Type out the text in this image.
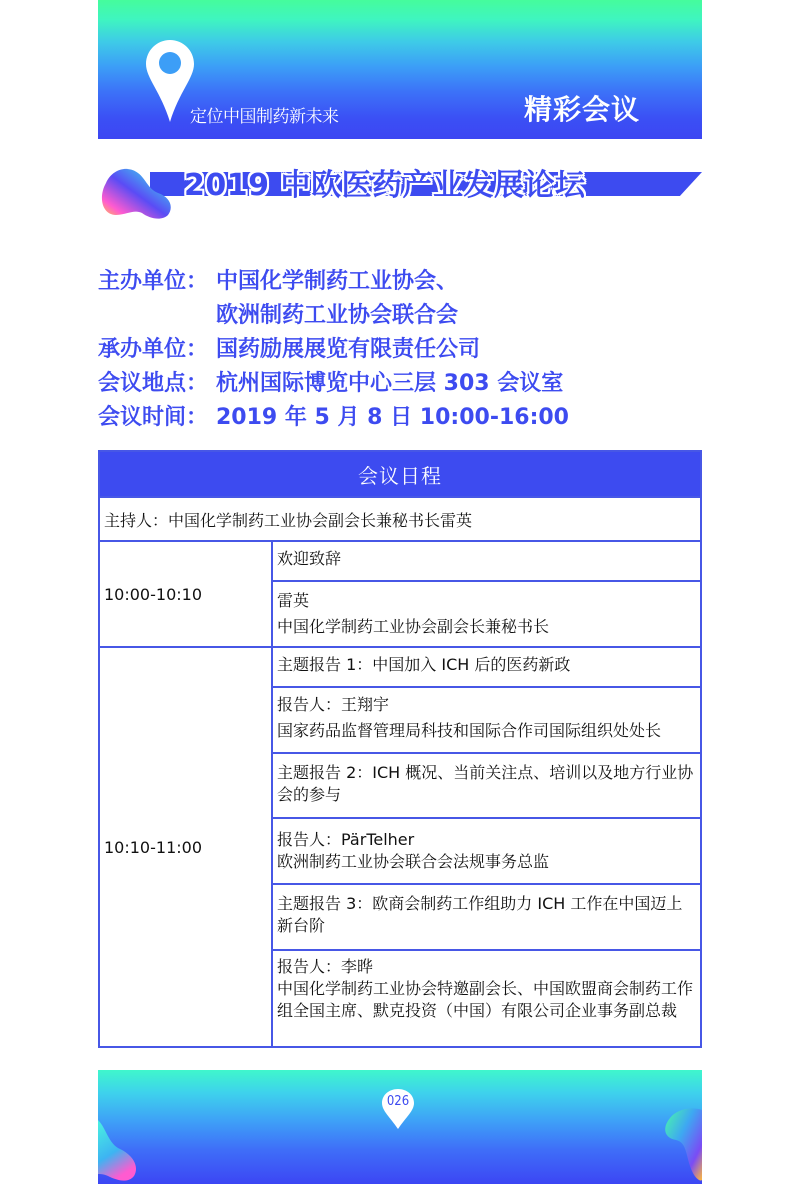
定位中国制药新未来	精彩会议
2019 中欧医药产业发展论坛
主办单位： 中国化学制药工业协会、
欧洲制药工业协会联合会
承办单位： 国药励展展览有限责任公司
会议地点： 杭州国际博览中心三层 303 会议室
会议时间： 2019 年 5 月 8 日 10:00-16:00
会议日程
主持人：中国化学制药工业协会副会长兼秘书长雷英
10:00-10:10
欢迎致辞
雷英
中国化学制药工业协会副会长兼秘书长
10:10-11:00
主题报告 1：中国加入 ICH 后的医药新政
报告人：王翔宇
国家药品监督管理局科技和国际合作司国际组织处处长
主题报告 2：ICH 概况、当前关注点、培训以及地方行业协会的参与
报告人：PärTelher
欧洲制药工业协会联合会法规事务总监
主题报告 3：欧商会制药工作组助力 ICH 工作在中国迈上新台阶
报告人：李晔
中国化学制药工业协会特邀副会长、中国欧盟商会制药工作组全国主席、默克投资（中国）有限公司企业事务副总裁
026
